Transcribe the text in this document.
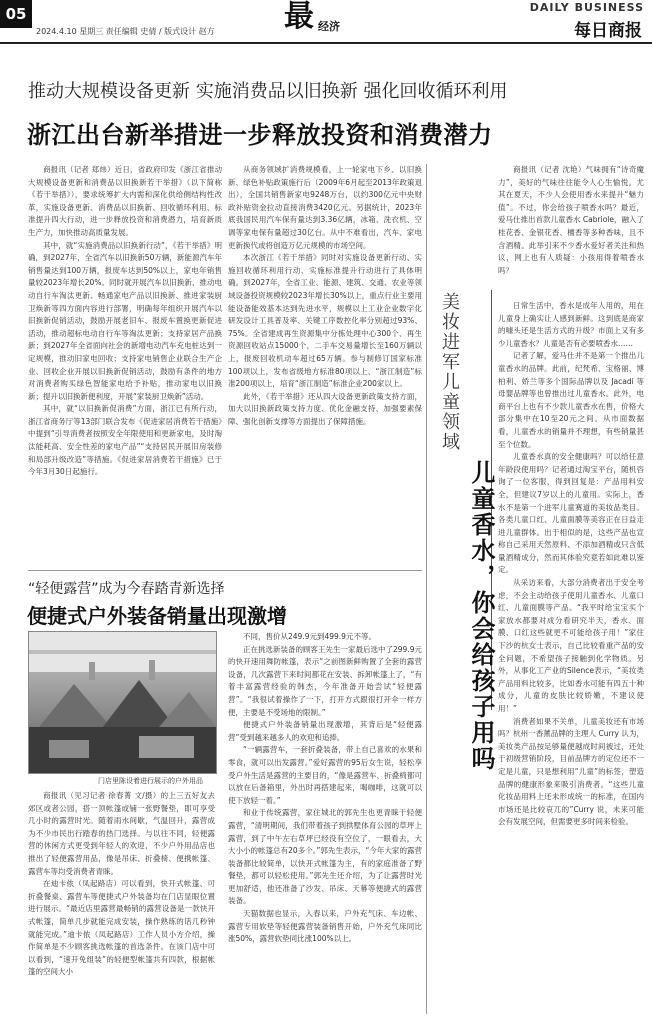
05
2024.4.10 星期三 责任编辑 史倩 / 版式设计 赵方 最 经济
DAILY BUSINESS
每日商报
推动大规模设备更新 实施消费品以旧换新 强化回收循环利用
浙江出台新举措进一步释放投资和消费潜力

商报讯（记者 郑炜）近日，省政府印发《浙江省推动大规模设备更新和消费品以旧换新若干举措》（以下简称《若干举措》），要求统筹扩大内需和深化供给侧结构性改革，实施设备更新、消费品以旧换新、回收循环利用、标准提升四大行动，进一步释放投资和消费潜力，培育新质生产力，加快推动高质量发展。

其中，就“实施消费品以旧换新行动”，《若干举措》明确，到2027年，全省汽车以旧换新50万辆，新能源汽车年销售量达到100万辆，报废车达到50%以上，家电年销售量较2023年增长20%。同时就开展汽车以旧换新、推动电动自行车淘汰更新、畅通家电产品以旧换新、推进家装厨卫焕新等四方面内容进行部署，明确每年组织开展汽车以旧换新促销活动，鼓励开展老旧车、报废车置换更新促进活动，推动超标电动自行车等淘汰更新；支持家居产品换新；到2027年全省面向社会的新增电动汽车充电桩达到一定规模，推动旧家电回收；支持家电销售企业联合生产企业、回收企业开展以旧换新促销活动，鼓励有条件的地方对消费者购买绿色智能家电给予补贴，推动家电以旧换新；提升以旧换新便利度，开展“家装厨卫焕新”活动。

其中，就“以旧换新促消费”方面，浙江已有所行动，浙江省商务厅等13部门联合发布《促进家居消费若干措施》中提到“引导消费者按照安全年限使用和更新家电，及时淘汰能耗高、安全性差的家电产品”“支持居民开展旧房装修和局部升级改造”等措施。《促进家居消费若干措施》已于今年3月30日起施行。

从商务领域扩消费规模看，上一轮家电下乡、以旧换新、绿色补贴政策施行后（2009年6月起至2013年政策退出），全国共销售新家电9248万台，以约300亿元中央财政补贴资金拉动直接消费3420亿元。另据统计，2023年底我国民用汽车保有量达到3.36亿辆，冰箱、洗衣机、空调等家电保有量超过30亿台。从中不难看出，汽车、家电更新换代或将创造万亿元规模的市场空间。

本次浙江《若干举措》同时对实施设备更新行动、实施回收循环利用行动、实施标准提升行动进行了具体明确。到2027年，全省工业、能源、建筑、交通、农业等领域设备投资规模较2023年增长30%以上，重点行业主要用能设备能效基本达到先进水平，规模以上工业企业数字化研发设计工具普及率、关键工序数控化率分别超过93%、75%。全省建成再生资源集中分拣处理中心300个、再生资源回收站点15000个，二手车交易量增长至160万辆以上，报废回收机动车超过65万辆。参与制修订国家标准100项以上，发布省级地方标准80项以上、“浙江制造”标准200项以上，培育“浙江制造”标准企业200家以上。

此外，《若干举措》还从四大设备更新政策支持方面，加大以旧换新政策支持力度、优化金融支持、加强要素保障、强化创新支撑等方面提出了保障措施。	美妆进军儿童领域
儿童香水，你会给孩子用吗

商报讯（记者 沈艳）气味拥有“诗奇魔力”，美好的气味往往能令人心生愉悦。尤其在夏天，不少人会使用香水来提升“魅力值”。不过，你会给孩子喷香水吗？最近，爱马仕推出首款儿童香水 Cabriole，融入了桂花香、金银花香、檀香等多种香味，且不含酒精。此举引来不少香水爱好者关注和热议，网上也有人质疑：小孩用得着喷香水吗？

日常生活中，香水是成年人用的，用在儿童身上确实让人感到新鲜。这到底是商家的噱头还是生活方式的升级？市面上又有多少儿童香水？儿童是否有必要喷香水……

记者了解，爱马仕并不是第一个推出儿童香水的品牌。此前，纪梵希、宝格丽、博柏利、娇兰等多个国际品牌以及 Jacadi 等母婴品牌等也曾推出过儿童香水。此外，电商平台上也有不少款儿童香水在售，价格大部分集中在10至20元之间。从市面数据看，儿童香水的销量并不理想，有些销量甚至个位数。

儿童香水真的安全健康吗？可以给任意年龄段使用吗？记者通过淘宝平台，随机咨询了一位客服，得到回复是：产品用料安全，但建议7岁以上的儿童用。实际上，香水不是第一个进军儿童赛道的美妆品类目。各类儿童口红、儿童面膜等美容正在日益走进儿童群体。出于相似的是，这些产品也宣称自己采用天然原料、不添加酒精或只含低量酒精成分，然而其体验究竟若如此难以鉴定。

从采访来看，大部分消费者出于安全考虑，不会主动给孩子使用儿童香水、儿童口红、儿童面膜等产品。“我平时给宝宝买个家放水都要对成分看研究半天，香水、面膜、口红这些就更不可能给孩子用！”家住下沙的杭女士表示，自己比较看重产品的安全问题，不希望孩子接触到化学物质。另外，从事化工产业的Silence表示，“美妆类产品用料比较多，比如香水可能有四五十种成分，儿童的皮肤比较娇嫩，不建议使用！”

消费者如果不关单，儿童美妆还有市场吗？杭州一香薰品牌的主理人 Curry 认为，美妆类产品按足够量便越成时间被过，还处于初级营销阶段，目前品牌方的定位还不一定是儿童，只是想利用“儿童”的标签，塑造品牌的健康形象来吸引消费者。“这些儿童化妆品用料上还未形成统一的标准，在国内市场还是比较哀兀的”Curry 说，未来可能会有发展空间，但需要更多时间来检验。

“轻便露营”成为今春踏青新选择
便捷式户外装备销量出现激增
门店里陈设着进行展示的户外用品

商报讯（见习记者 徐春菁 文/摄）的上三五好友去郊区或者公园，搭一顶帐篷或铺一张野餐垫，即可享受几小时的露营时光。随着雨水间歇，气温回升，露营成为不少市民出行踏春的热门选择。与以往不同，轻便露营的休闲方式更受到年轻人的欢迎，不少户外用品店也推出了轻便露营用品，像是吊床、折叠椅、便携帐篷、露营车等均受消费者青睐。

在迪卡侬（凤起路店）可以看到，快开式帐篷、可折叠餐桌、露营车等便捷式户外装备均在门店显眼位置进行展示。“最近店里露营最畅销的露营设备是一款快开式帐篷，简单几步就能完成安装，操作熟练的话几秒钟就能完成。”迪卡侬（凤起路店）工作人员小方介绍，操作简单是不少顾客挑选帐篷的首选条件。在该门店中可以看到，“速开免组装”的轻便型帐篷共有四款，根据帐篷的空间大小

不同，售价从249.9元到499.9元不等。

正在挑选新装备的顾客王先生一家最后选中了299.9元的快开速用舞防帐篷，表示“之前图新鲜购置了全套的露营设备，几次露营下来时间都花在安装、拆卸帐篷上了，“有着丰富露营经验的韩杰，今年准备开始尝试“轻便露营”。“我很试着操作了一下，打开方式跟很打开伞一样方便，主要是不受场地的限制。”

便捷式户外装备销量出现激增，其背后是“轻便露营”受到越来越多人的欢迎和追捧。

“一辆露营车，一套折叠装备，带上自己喜欢的水果和零食，就可以出发露营。”爱好露营的95后女生说，轻松享受户外生活是露营的主要目的，“像是露营车、折叠椅都可以放在后备箱里，外出时再搭建起来，喝咖啡，这就可以使下放轻一着。”

和业于传统露营，家住城北的郭先生也更青睐于轻便露营，“清明期间，我们带着孩子到拱墅体育公园的草坪上露营，到了中午左右草坪已经没有空位了，一眼看去，大大小小的帐篷总有20多个。”郭先生表示，“今年大家的露营装备都比较简单，以快开式帐篷为主，有的家庭准备了野餐垫，都可以轻松使用。”郭先生还介绍，为了让露营时光更加舒适，他还准备了沙发、吊床、天幕等便捷式的露营装备。

天猫数据也显示，入春以来，户外充气床、车边帐、露营专用软垫等轻便露营装备销售开始，户外充气床同比涨50%，露营软垫同比涨100%以上。
